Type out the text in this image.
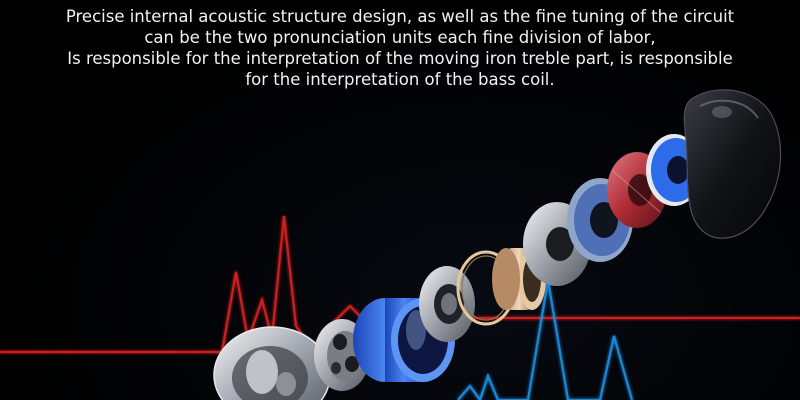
Precise internal acoustic structure design, as well as the fine tuning of the circuit
can be the two pronunciation units each fine division of labor,
Is responsible for the interpretation of the moving iron treble part, is responsible
for the interpretation of the bass coil.
